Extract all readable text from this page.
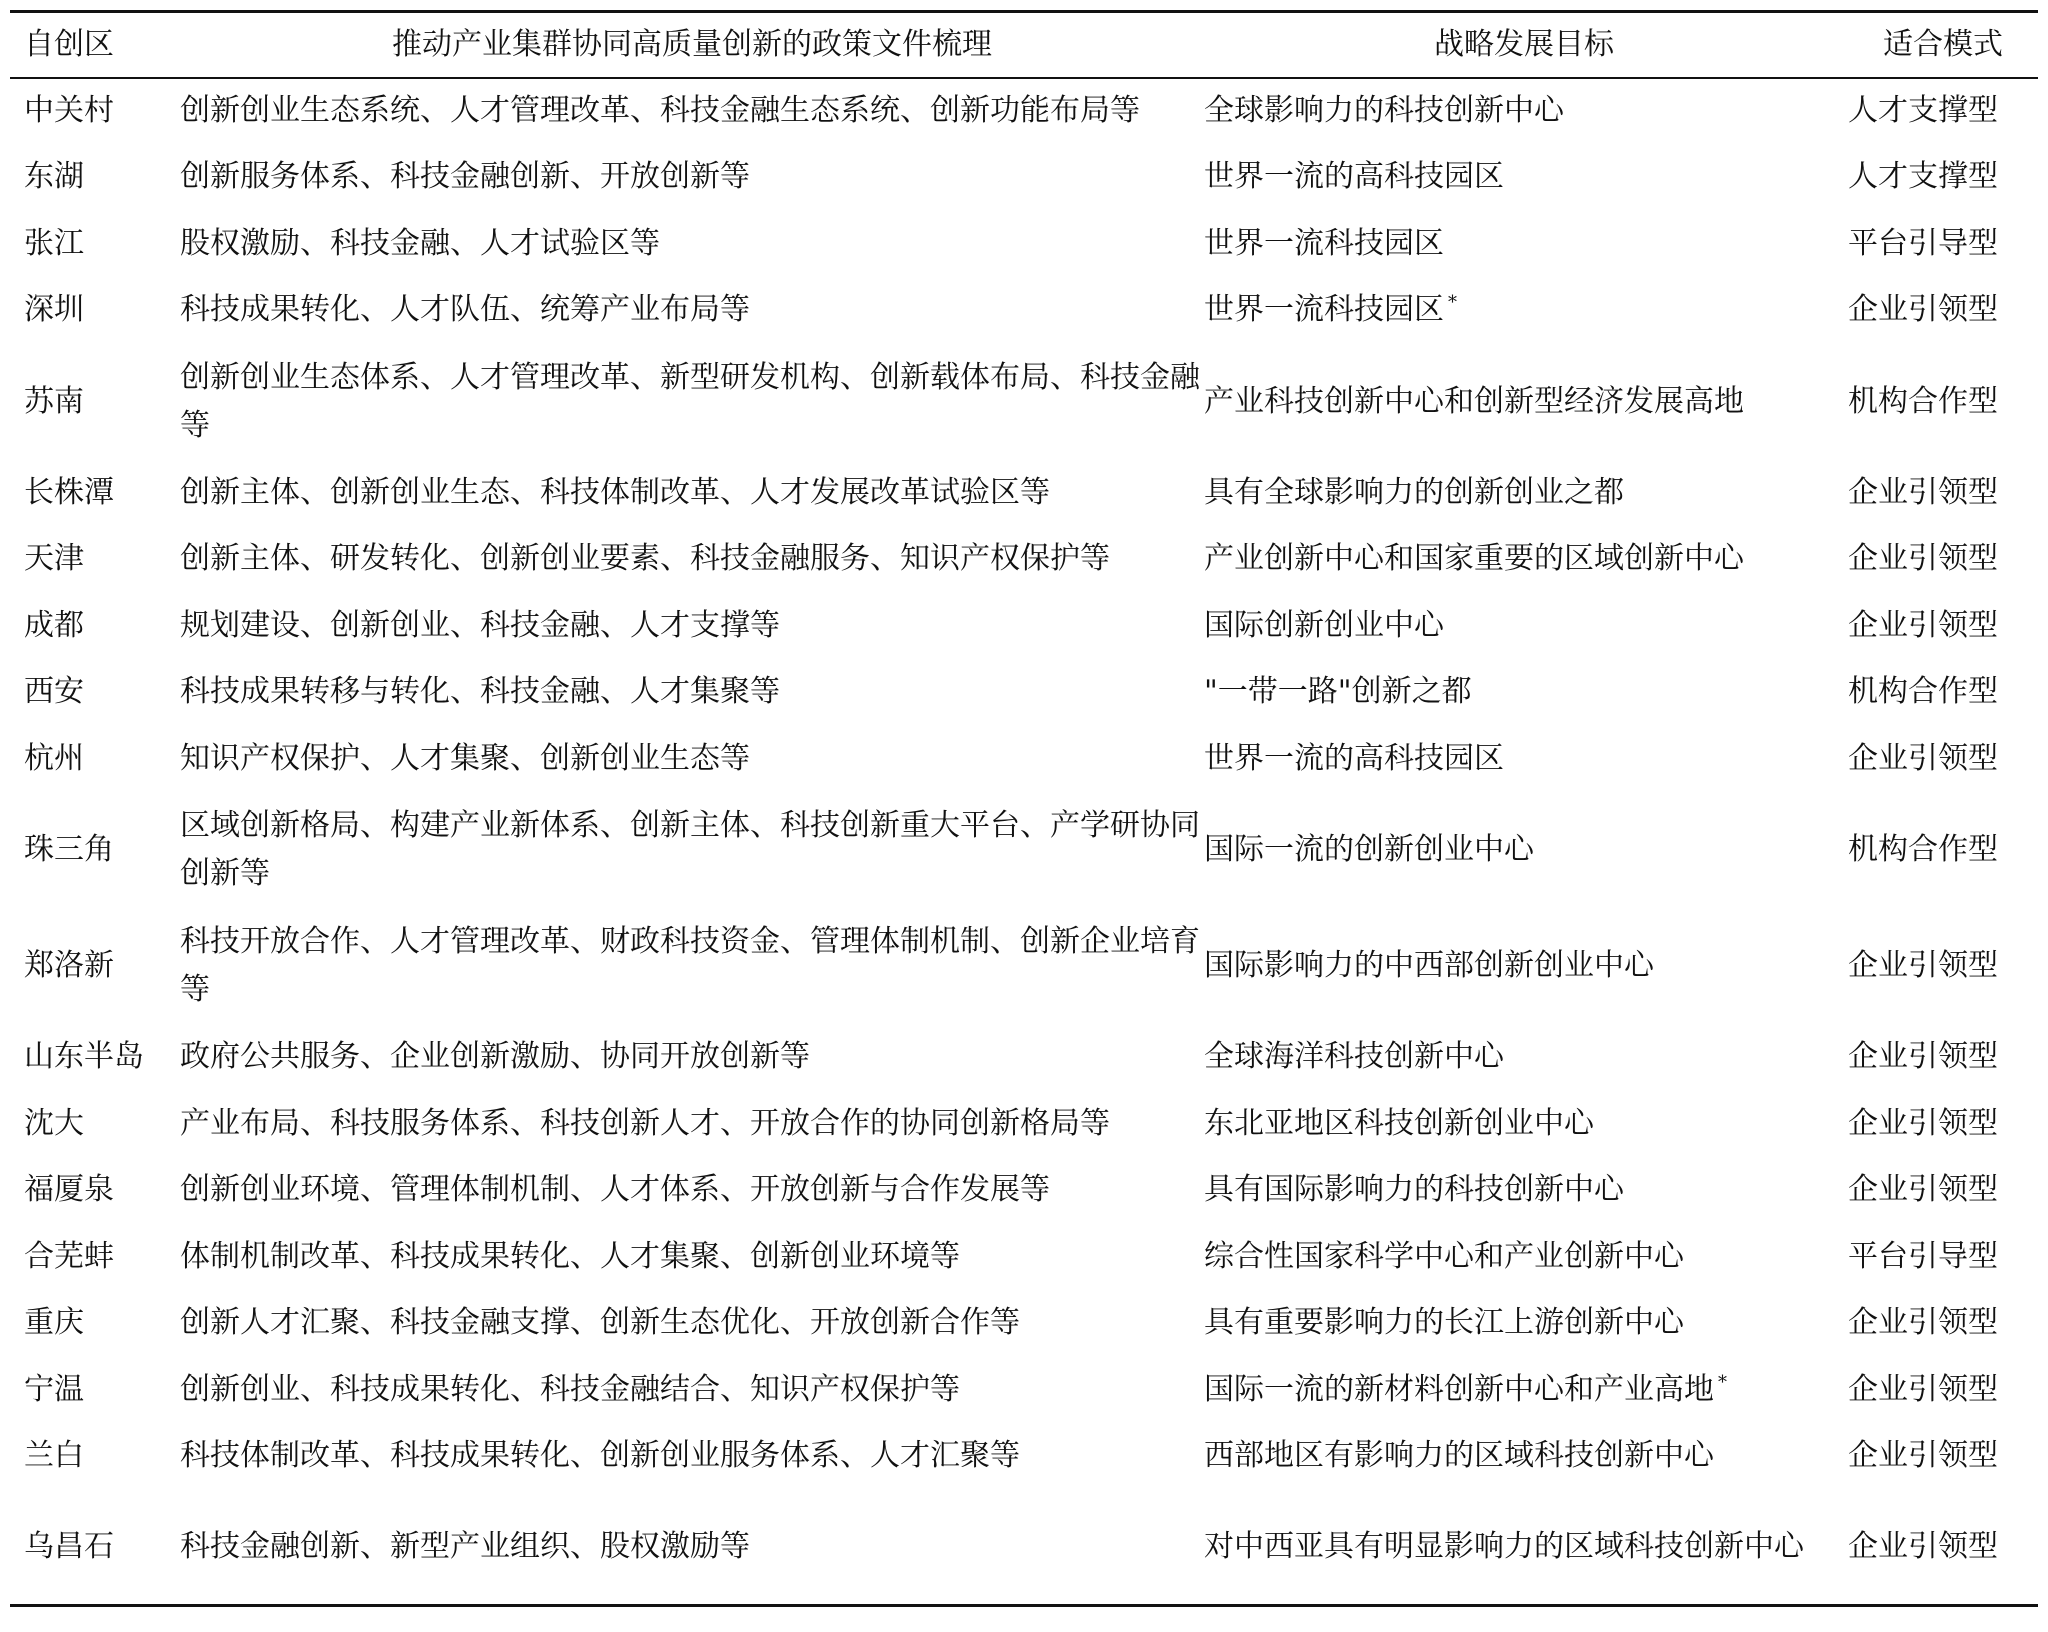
自创区	推动产业集群协同高质量创新的政策文件梳理	战略发展目标	适合模式
中关村	创新创业生态系统、人才管理改革、科技金融生态系统、创新功能布局等	全球影响力的科技创新中心	人才支撑型
东湖	创新服务体系、科技金融创新、开放创新等	世界一流的高科技园区	人才支撑型
张江	股权激励、科技金融、人才试验区等	世界一流科技园区	平台引导型
深圳	科技成果转化、人才队伍、统筹产业布局等	世界一流科技园区 *	企业引领型
苏南	创新创业生态体系、人才管理改革、新型研发机构、创新载体布局、科技金融等	产业科技创新中心和创新型经济发展高地	机构合作型
长株潭	创新主体、创新创业生态、科技体制改革、人才发展改革试验区等	具有全球影响力的创新创业之都	企业引领型
天津	创新主体、研发转化、创新创业要素、科技金融服务、知识产权保护等	产业创新中心和国家重要的区域创新中心	企业引领型
成都	规划建设、创新创业、科技金融、人才支撑等	国际创新创业中心	企业引领型
西安	科技成果转移与转化、科技金融、人才集聚等	"一带一路"创新之都	机构合作型
杭州	知识产权保护、人才集聚、创新创业生态等	世界一流的高科技园区	企业引领型
珠三角	区域创新格局、构建产业新体系、创新主体、科技创新重大平台、产学研协同创新等	国际一流的创新创业中心	机构合作型
郑洛新	科技开放合作、人才管理改革、财政科技资金、管理体制机制、创新企业培育等	国际影响力的中西部创新创业中心	企业引领型
山东半岛	政府公共服务、企业创新激励、协同开放创新等	全球海洋科技创新中心	企业引领型
沈大	产业布局、科技服务体系、科技创新人才、开放合作的协同创新格局等	东北亚地区科技创新创业中心	企业引领型
福厦泉	创新创业环境、管理体制机制、人才体系、开放创新与合作发展等	具有国际影响力的科技创新中心	企业引领型
合芜蚌	体制机制改革、科技成果转化、人才集聚、创新创业环境等	综合性国家科学中心和产业创新中心	平台引导型
重庆	创新人才汇聚、科技金融支撑、创新生态优化、开放创新合作等	具有重要影响力的长江上游创新中心	企业引领型
宁温	创新创业、科技成果转化、科技金融结合、知识产权保护等	国际一流的新材料创新中心和产业高地 *	企业引领型
兰白	科技体制改革、科技成果转化、创新创业服务体系、人才汇聚等	西部地区有影响力的区域科技创新中心	企业引领型
乌昌石	科技金融创新、新型产业组织、股权激励等	对中西亚具有明显影响力的区域科技创新中心	企业引领型
